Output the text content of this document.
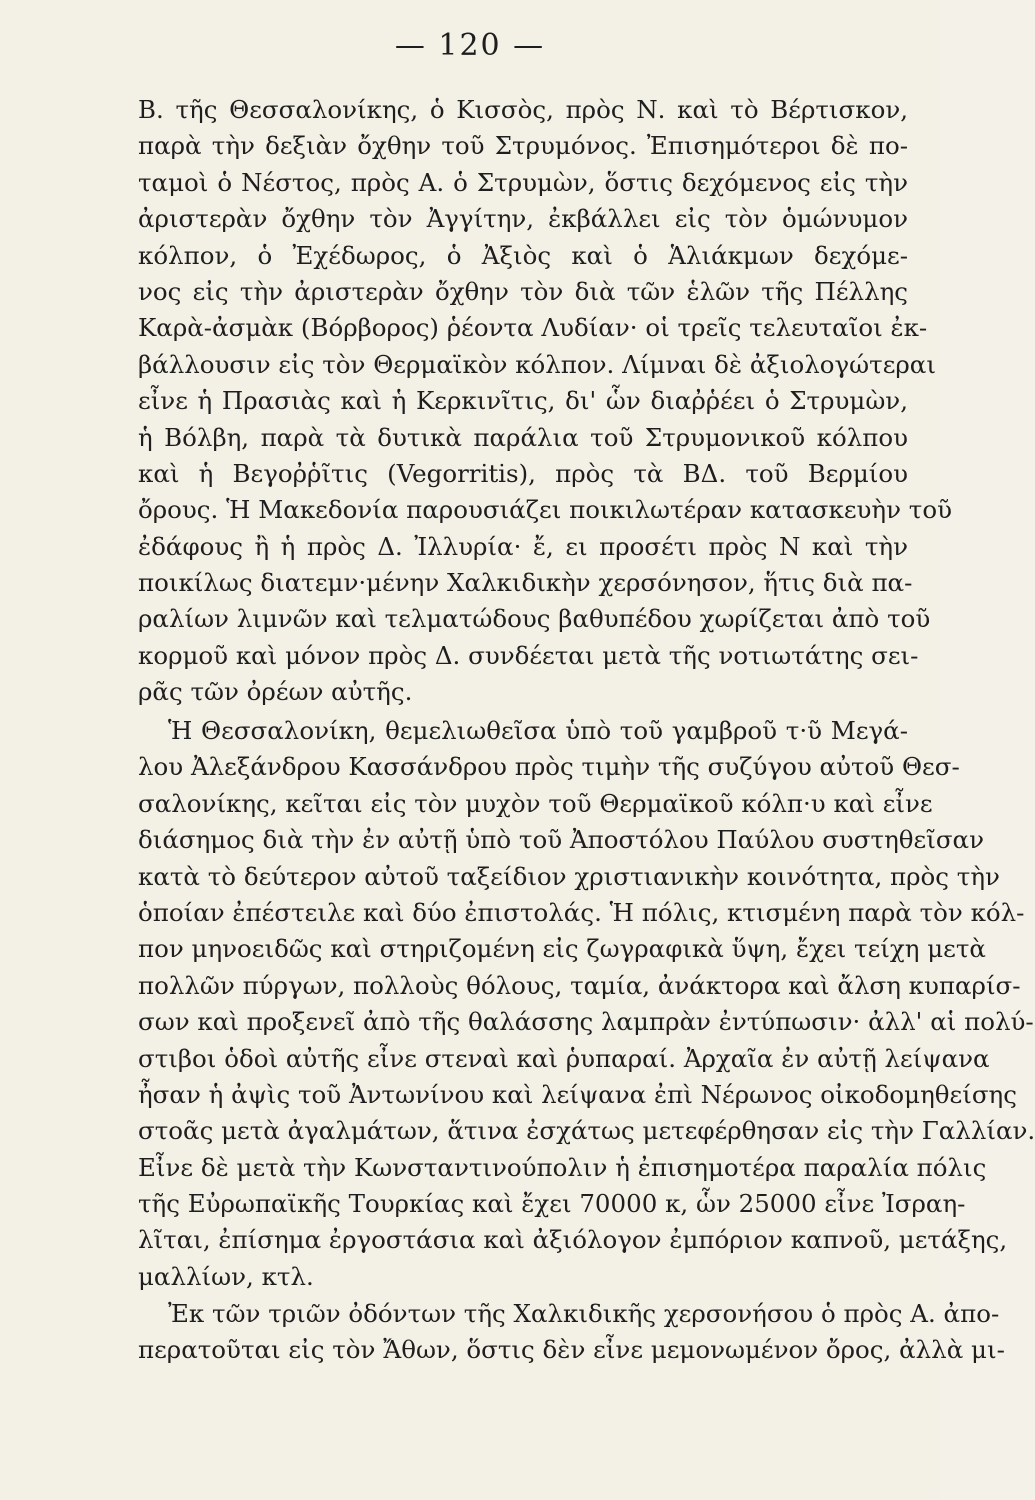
— 120 —
Β. τῆς Θεσσαλονίκης, ὁ Κισσὸς, πρὸς Ν. καὶ τὸ Βέρτισκον,
παρὰ τὴν δεξιὰν ὄχθην τοῦ Στρυμόνος. Ἐπισημότεροι δὲ πο-
ταμοὶ ὁ Νέστος, πρὸς Α. ὁ Στρυμὼν, ὅστις δεχόμενος εἰς τὴν
ἀριστερὰν ὄχθην τὸν Ἀγγίτην, ἐκβάλλει εἰς τὸν ὁμώνυμον
κόλπον, ὁ Ἐχέδωρος, ὁ Ἀξιὸς καὶ ὁ Ἁλιάκμων δεχόμε-
νος εἰς τὴν ἀριστερὰν ὄχθην τὸν διὰ τῶν ἑλῶν τῆς Πέλλης
Καρὰ-ἀσμὰκ (Βόρβορος) ῥέοντα Λυδίαν· οἱ τρεῖς τελευταῖοι ἐκ-
βάλλουσιν εἰς τὸν Θερμαϊκὸν κόλπον. Λίμναι δὲ ἀξιολογώτεραι
εἶνε ἡ Πρασιὰς καὶ ἡ Κερκινῖτις, δι' ὧν διαῤῥέει ὁ Στρυμὼν,
ἡ Βόλβη, παρὰ τὰ δυτικὰ παράλια τοῦ Στρυμονικοῦ κόλπου
καὶ ἡ Βεγοῤῥῖτις (Vegorritis), πρὸς τὰ ΒΔ. τοῦ Βερμίου
ὄρους. Ἡ Μακεδονία παρουσιάζει ποικιλωτέραν κατασκευὴν τοῦ
ἐδάφους ἢ ἡ πρὸς Δ. Ἰλλυρία· ἔ, ει προσέτι πρὸς Ν καὶ τὴν
ποικίλως διατεμν·μένην Χαλκιδικὴν χερσόνησον, ἥτις διὰ πα-
ραλίων λιμνῶν καὶ τελματώδους βαθυπέδου χωρίζεται ἀπὸ τοῦ
κορμοῦ καὶ μόνον πρὸς Δ. συνδέεται μετὰ τῆς νοτιωτάτης σει-
ρᾶς τῶν ὀρέων αὐτῆς.
Ἡ Θεσσαλονίκη, θεμελιωθεῖσα ὑπὸ τοῦ γαμβροῦ τ·ῦ Μεγά-
λου Ἀλεξάνδρου Κασσάνδρου πρὸς τιμὴν τῆς συζύγου αὐτοῦ Θεσ-
σαλονίκης, κεῖται εἰς τὸν μυχὸν τοῦ Θερμαϊκοῦ κόλπ·υ καὶ εἶνε
διάσημος διὰ τὴν ἐν αὐτῇ ὑπὸ τοῦ Ἀποστόλου Παύλου συστηθεῖσαν
κατὰ τὸ δεύτερον αὐτοῦ ταξείδιον χριστιανικὴν κοινότητα, πρὸς τὴν
ὁποίαν ἐπέστειλε καὶ δύο ἐπιστολάς. Ἡ πόλις, κτισμένη παρὰ τὸν κόλ-
πον μηνοειδῶς καὶ στηριζομένη εἰς ζωγραφικὰ ὕψη, ἔχει τείχη μετὰ
πολλῶν πύργων, πολλοὺς θόλους, ταμία, ἀνάκτορα καὶ ἄλση κυπαρίσ-
σων καὶ προξενεῖ ἀπὸ τῆς θαλάσσης λαμπρὰν ἐντύπωσιν· ἀλλ' αἱ πολύ-
στιβοι ὁδοὶ αὐτῆς εἶνε στεναὶ καὶ ῥυπαραί. Ἀρχαῖα ἐν αὐτῇ λείψανα
ἦσαν ἡ ἀψὶς τοῦ Ἀντωνίνου καὶ λείψανα ἐπὶ Νέρωνος οἰκοδομηθείσης
στοᾶς μετὰ ἀγαλμάτων, ἅτινα ἐσχάτως μετεφέρθησαν εἰς τὴν Γαλλίαν.
Εἶνε δὲ μετὰ τὴν Κωνσταντινούπολιν ἡ ἐπισημοτέρα παραλία πόλις
τῆς Εὐρωπαϊκῆς Τουρκίας καὶ ἔχει 70000 κ, ὧν 25000 εἶνε Ἰσραη-
λῖται, ἐπίσημα ἐργοστάσια καὶ ἀξιόλογον ἐμπόριον καπνοῦ, μετάξης,
μαλλίων, κτλ.
Ἐκ τῶν τριῶν ὀδόντων τῆς Χαλκιδικῆς χερσονήσου ὁ πρὸς Α. ἀπο-
περατοῦται εἰς τὸν Ἄθων, ὅστις δὲν εἶνε μεμονωμένον ὄρος, ἀλλὰ μι-
